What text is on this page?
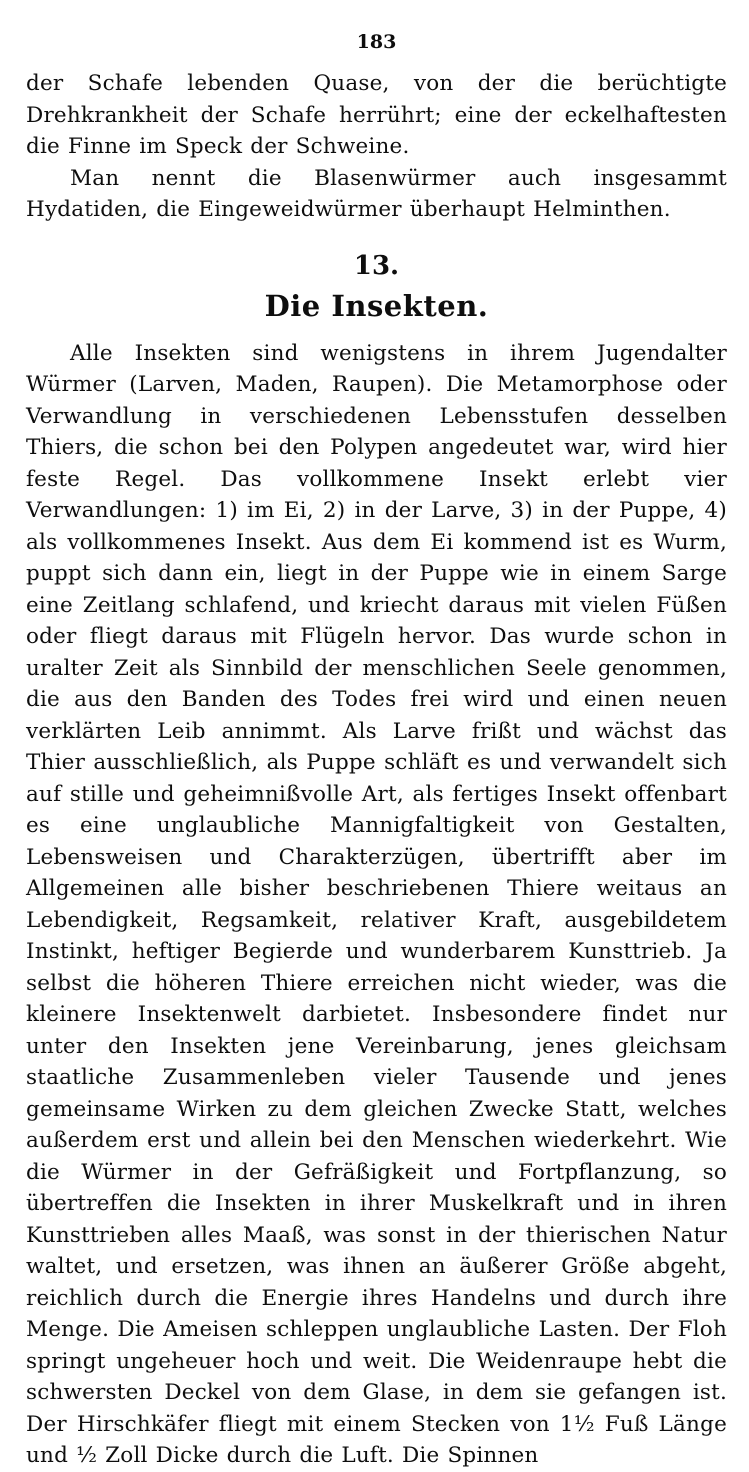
183

der Schafe lebenden Quase, von der die berüchtigte Drehkrankheit der Schafe herrührt; eine der eckelhaftesten die Finne im Speck der Schweine.

Man nennt die Blasenwürmer auch insgesammt Hydatiden, die Eingeweidwürmer überhaupt Helminthen.

13.
Die Insekten.

Alle Insekten sind wenigstens in ihrem Jugendalter Würmer (Larven, Maden, Raupen). Die Metamorphose oder Verwandlung in verschiedenen Lebensstufen desselben Thiers, die schon bei den Polypen angedeutet war, wird hier feste Regel. Das vollkommene Insekt erlebt vier Verwandlungen: 1) im Ei, 2) in der Larve, 3) in der Puppe, 4) als vollkommenes Insekt. Aus dem Ei kommend ist es Wurm, puppt sich dann ein, liegt in der Puppe wie in einem Sarge eine Zeitlang schlafend, und kriecht daraus mit vielen Füßen oder fliegt daraus mit Flügeln hervor. Das wurde schon in uralter Zeit als Sinnbild der menschlichen Seele genommen, die aus den Banden des Todes frei wird und einen neuen verklärten Leib annimmt. Als Larve frißt und wächst das Thier ausschließlich, als Puppe schläft es und verwandelt sich auf stille und geheimnißvolle Art, als fertiges Insekt offenbart es eine unglaubliche Mannigfaltigkeit von Gestalten, Lebensweisen und Charakterzügen, übertrifft aber im Allgemeinen alle bisher beschriebenen Thiere weitaus an Lebendigkeit, Regsamkeit, relativer Kraft, ausgebildetem Instinkt, heftiger Begierde und wunderbarem Kunsttrieb. Ja selbst die höheren Thiere erreichen nicht wieder, was die kleinere Insektenwelt darbietet. Insbesondere findet nur unter den Insekten jene Vereinbarung, jenes gleichsam staatliche Zusammenleben vieler Tausende und jenes gemeinsame Wirken zu dem gleichen Zwecke Statt, welches außerdem erst und allein bei den Menschen wiederkehrt. Wie die Würmer in der Gefräßigkeit und Fortpflanzung, so übertreffen die Insekten in ihrer Muskelkraft und in ihren Kunsttrieben alles Maaß, was sonst in der thierischen Natur waltet, und ersetzen, was ihnen an äußerer Größe abgeht, reichlich durch die Energie ihres Handelns und durch ihre Menge. Die Ameisen schleppen unglaubliche Lasten. Der Floh springt ungeheuer hoch und weit. Die Weidenraupe hebt die schwersten Deckel von dem Glase, in dem sie gefangen ist. Der Hirschkäfer fliegt mit einem Stecken von 1½ Fuß Länge und ½ Zoll Dicke durch die Luft. Die Spinnen
